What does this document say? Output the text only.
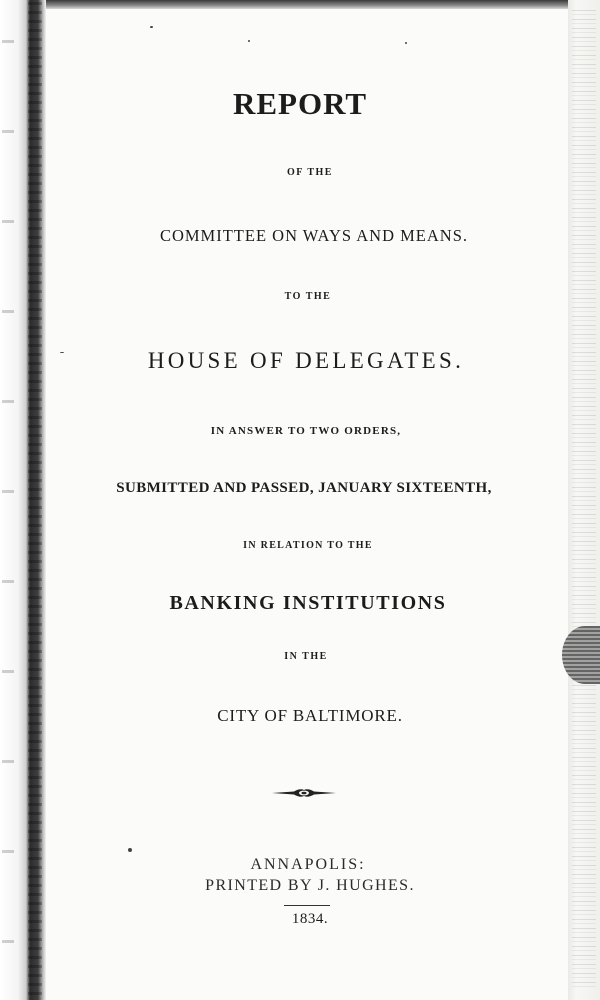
REPORT
OF THE
COMMITTEE ON WAYS AND MEANS.
TO THE
HOUSE OF DELEGATES.
IN ANSWER TO TWO ORDERS,
SUBMITTED AND PASSED, JANUARY SIXTEENTH,
IN RELATION TO THE
BANKING INSTITUTIONS
IN THE
CITY OF BALTIMORE.
ANNAPOLIS:
PRINTED BY J. HUGHES.
1834.
